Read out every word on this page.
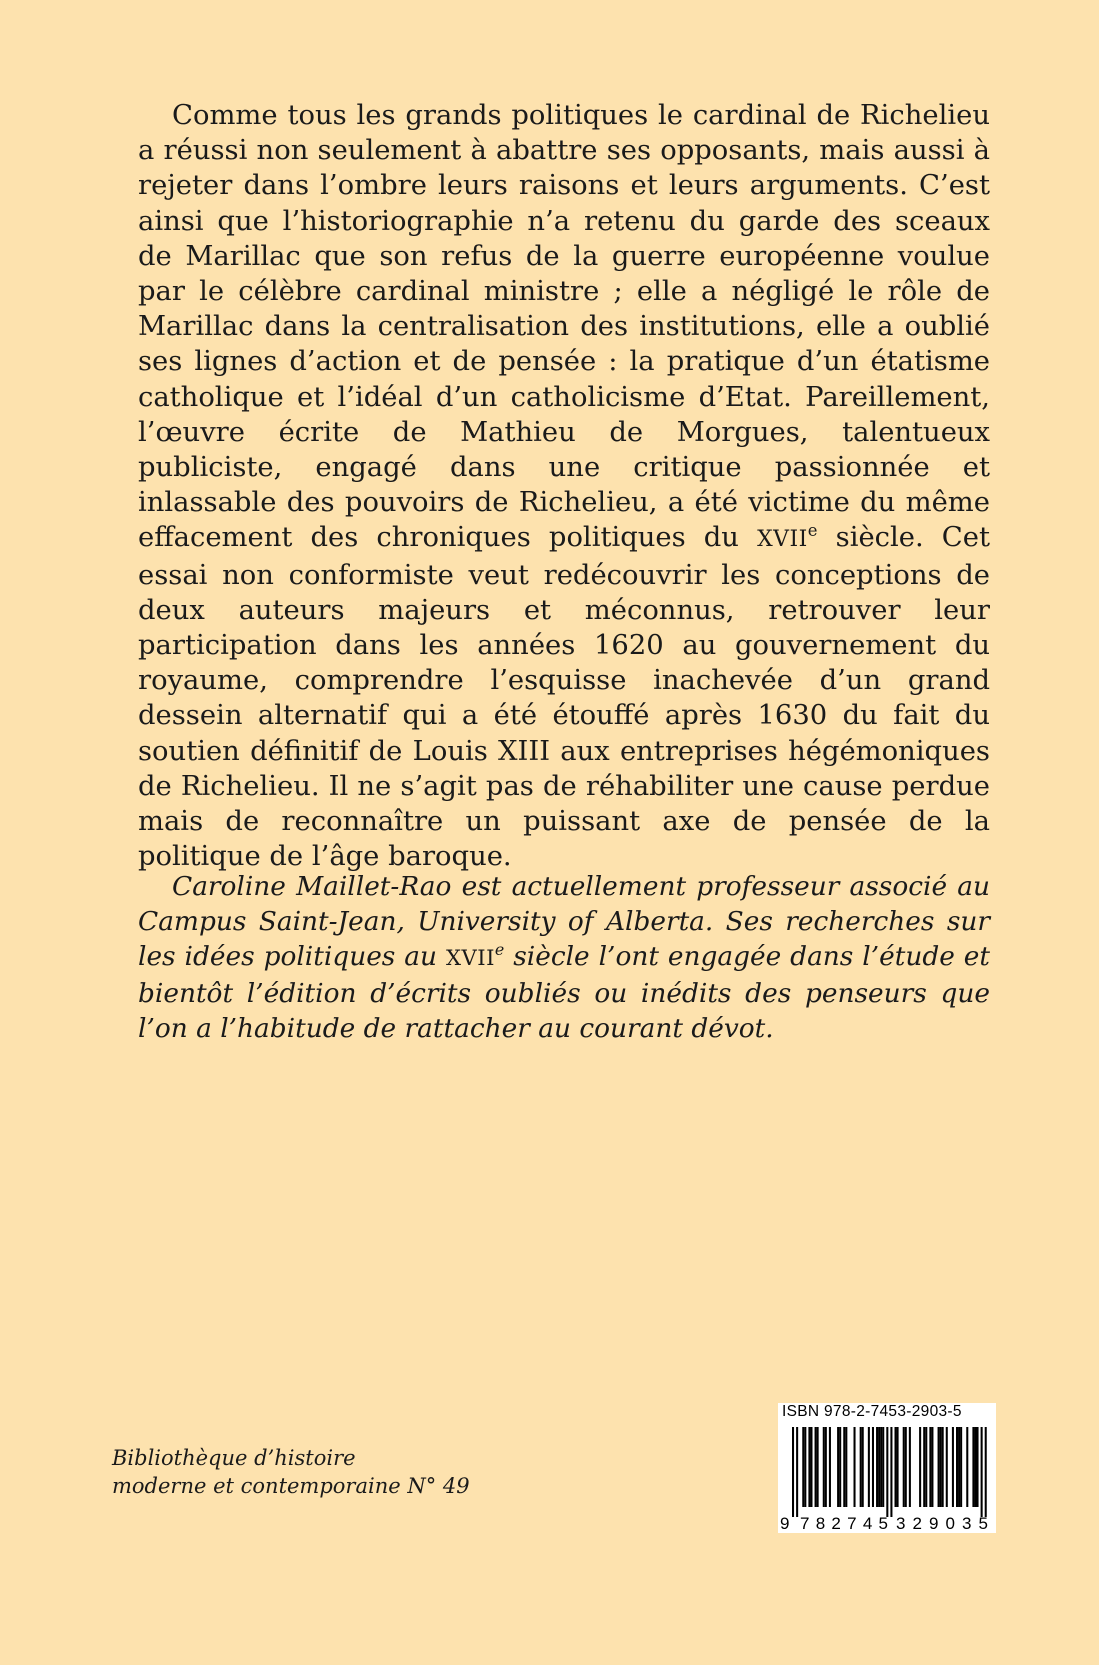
Comme tous les grands politiques le cardinal de Richelieu a réussi non seulement à abattre ses opposants, mais aussi à rejeter dans l’ombre leurs raisons et leurs arguments. C’est ainsi que l’historiographie n’a retenu du garde des sceaux de Marillac que son refus de la guerre européenne voulue par le célèbre cardinal ministre ; elle a négligé le rôle de Marillac dans la centralisation des institutions, elle a oublié ses lignes d’action et de pensée : la pratique d’un étatisme catholique et l’idéal d’un catholicisme d’Etat. Pareillement, l’œuvre écrite de Mathieu de Morgues, talentueux publiciste, engagé dans une critique passionnée et inlassable des pouvoirs de Richelieu, a été victime du même effacement des chroniques politiques du XVIIe siècle. Cet essai non conformiste veut redécouvrir les conceptions de deux auteurs majeurs et méconnus, retrouver leur participation dans les années 1620 au gouvernement du royaume, comprendre l’esquisse inachevée d’un grand dessein alternatif qui a été étouffé après 1630 du fait du soutien définitif de Louis XIII aux entreprises hégémoniques de Richelieu. Il ne s’agit pas de réhabiliter une cause perdue mais de reconnaître un puissant axe de pensée de la politique de l’âge baroque.

Caroline Maillet-Rao est actuellement professeur associé au Campus Saint-Jean, University of Alberta. Ses recherches sur les idées politiques au XVIIe siècle l’ont engagée dans l’étude et bientôt l’édition d’écrits oubliés ou inédits des penseurs que l’on a l’habitude de rattacher au courant dévot.

Bibliothèque d’histoire
moderne et contemporaine N° 49

ISBN 978-2-7453-2903-5
9 782745 329035
